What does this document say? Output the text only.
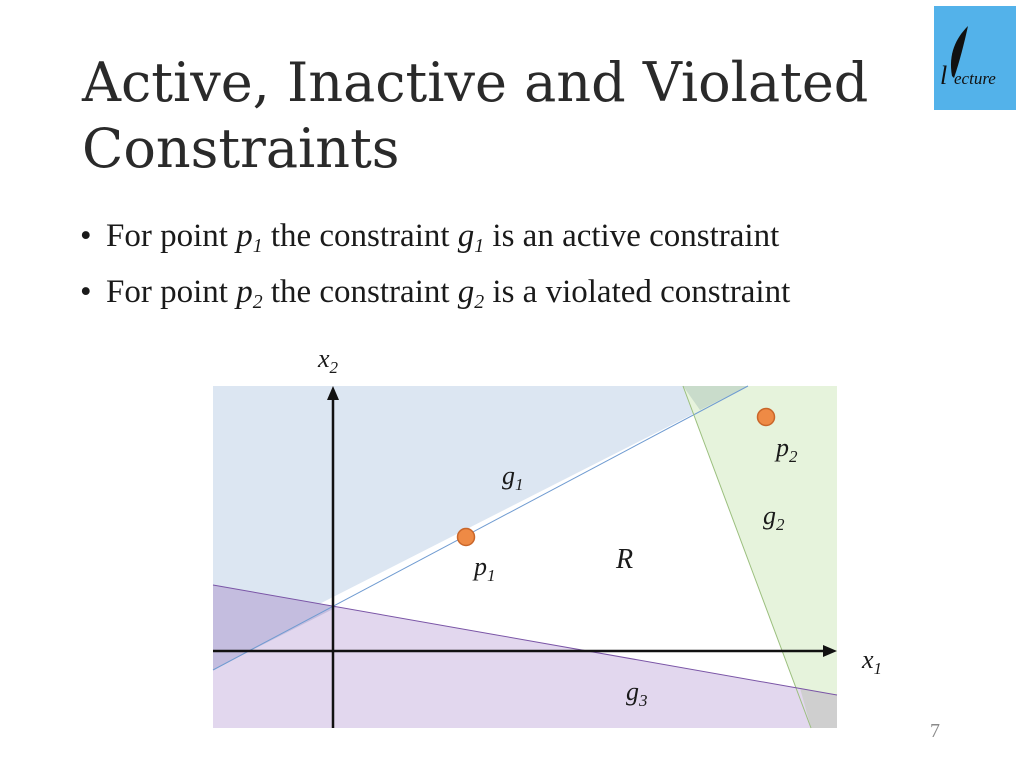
Active, Inactive and Violated
Constraints
• For point $p_1$ the constraint $g_1$ is an active constraint
• For point $p_2$ the constraint $g_2$ is a violated constraint
l ecture
$x_2$
$x_1$
$g_1$
$g_2$
$g_3$
$p_1$
$p_2$
R
7
